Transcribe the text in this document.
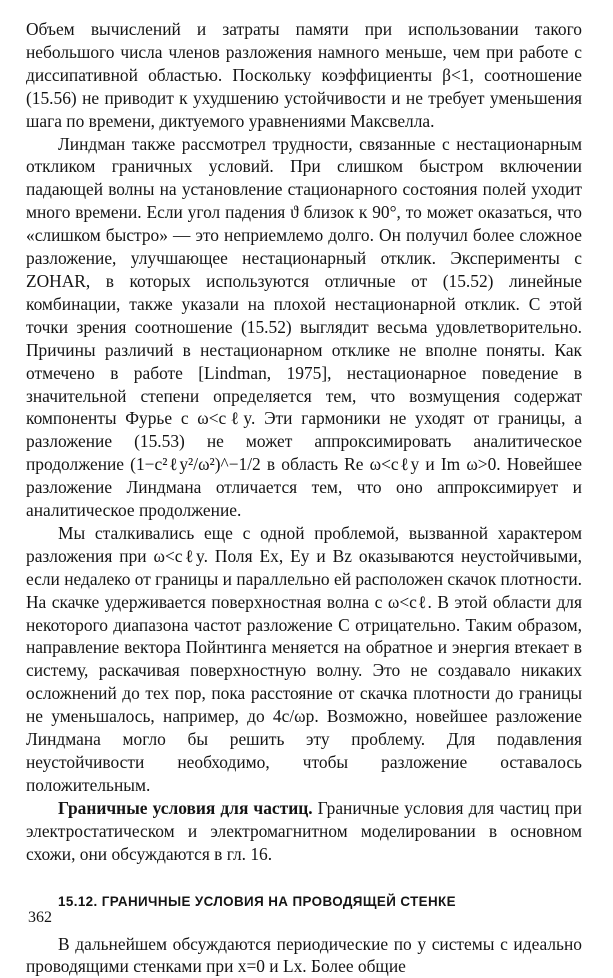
Объем вычислений и затраты памяти при использовании такого небольшого числа членов разложения намного меньше, чем при работе с диссипативной областью. Поскольку коэффициенты β<1, соотношение (15.56) не приводит к ухудшению устойчивости и не требует уменьшения шага по времени, диктуемого уравнениями Максвелла.

Линдман также рассмотрел трудности, связанные с нестационарным откликом граничных условий. При слишком быстром включении падающей волны на установление стационарного состояния полей уходит много времени. Если угол падения ϑ близок к 90°, то может оказаться, что «слишком быстро» — это неприемлемо долго. Он получил более сложное разложение, улучшающее нестационарный отклик. Эксперименты с ZOHAR, в которых используются отличные от (15.52) линейные комбинации, также указали на плохой нестационарной отклик. С этой точки зрения соотношение (15.52) выглядит весьма удовлетворительно. Причины различий в нестационарном отклике не вполне поняты. Как отмечено в работе [Lindman, 1975], нестационарное поведение в значительной степени определяется тем, что возмущения содержат компоненты Фурье с ω<cℓy. Эти гармоники не уходят от границы, а разложение (15.53) не может аппроксимировать аналитическое продолжение (1−c²ℓy²/ω²)^−1/2 в область Re ω<cℓy и Im ω>0. Новейшее разложение Линдмана отличается тем, что оно аппроксимирует и аналитическое продолжение.

Мы сталкивались еще с одной проблемой, вызванной характером разложения при ω<cℓy. Поля Ex, Ey и Bz оказываются неустойчивыми, если недалеко от границы и параллельно ей расположен скачок плотности. На скачке удерживается поверхностная волна с ω<cℓ. В этой области для некоторого диапазона частот разложение C отрицательно. Таким образом, направление вектора Пойнтинга меняется на обратное и энергия втекает в систему, раскачивая поверхностную волну. Это не создавало никаких осложнений до тех пор, пока расстояние от скачка плотности до границы не уменьшалось, например, до 4c/ωp. Возможно, новейшее разложение Линдмана могло бы решить эту проблему. Для подавления неустойчивости необходимо, чтобы разложение оставалось положительным.

Граничные условия для частиц. Граничные условия для частиц при электростатическом и электромагнитном моделировании в основном схожи, они обсуждаются в гл. 16.

15.12. ГРАНИЧНЫЕ УСЛОВИЯ НА ПРОВОДЯЩЕЙ СТЕНКЕ

В дальнейшем обсуждаются периодические по y системы с идеально проводящими стенками при x=0 и Lx. Более общие

362
